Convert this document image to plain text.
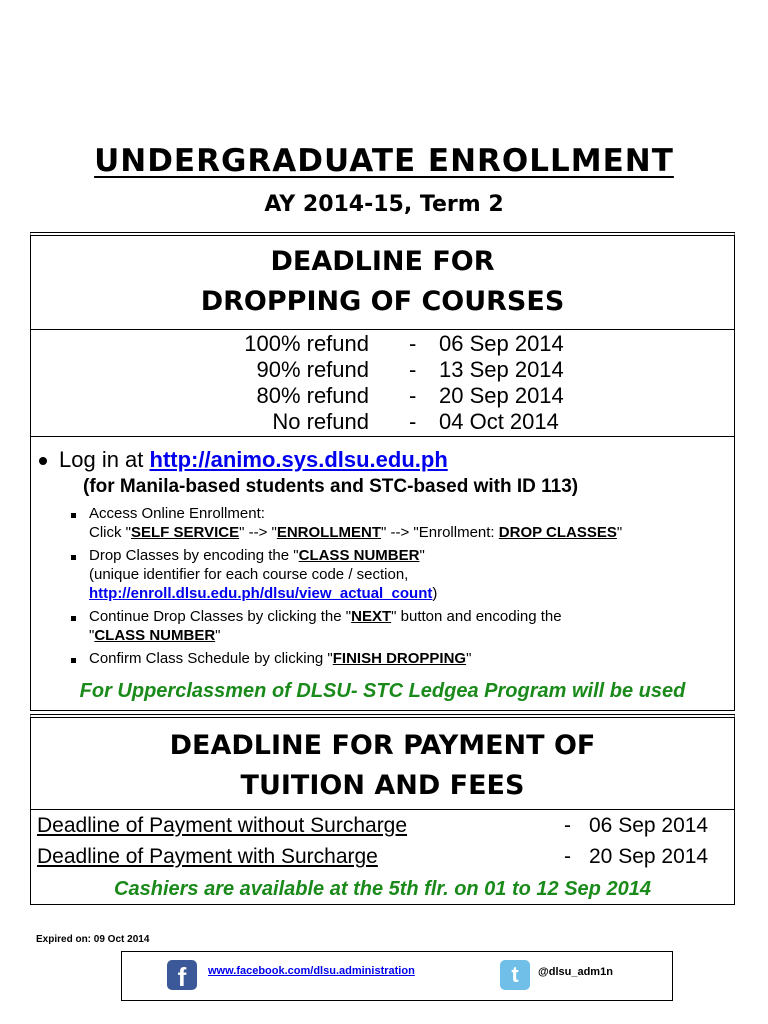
UNDERGRADUATE ENROLLMENT
AY 2014-15, Term 2
DEADLINE FOR
DROPPING OF COURSES
100% refund - 06 Sep 2014
90% refund - 13 Sep 2014
80% refund - 20 Sep 2014
No refund - 04 Oct 2014
Log in at http://animo.sys.dlsu.edu.ph
(for Manila-based students and STC-based with ID 113)
Access Online Enrollment:
Click "SELF SERVICE" --> "ENROLLMENT" --> "Enrollment: DROP CLASSES"
Drop Classes by encoding the "CLASS NUMBER"
(unique identifier for each course code / section,
http://enroll.dlsu.edu.ph/dlsu/view_actual_count)
Continue Drop Classes by clicking the "NEXT" button and encoding the
"CLASS NUMBER"
Confirm Class Schedule by clicking "FINISH DROPPING"
For Upperclassmen of DLSU- STC Ledgea Program will be used
DEADLINE FOR PAYMENT OF
TUITION AND FEES
Deadline of Payment without Surcharge	- 06 Sep 2014
Deadline of Payment with Surcharge	- 20 Sep 2014
Cashiers are available at the 5th flr. on 01 to 12 Sep 2014
Expired on: 09 Oct 2014
f	www.facebook.com/dlsu.administration	t	@dlsu_adm1n
